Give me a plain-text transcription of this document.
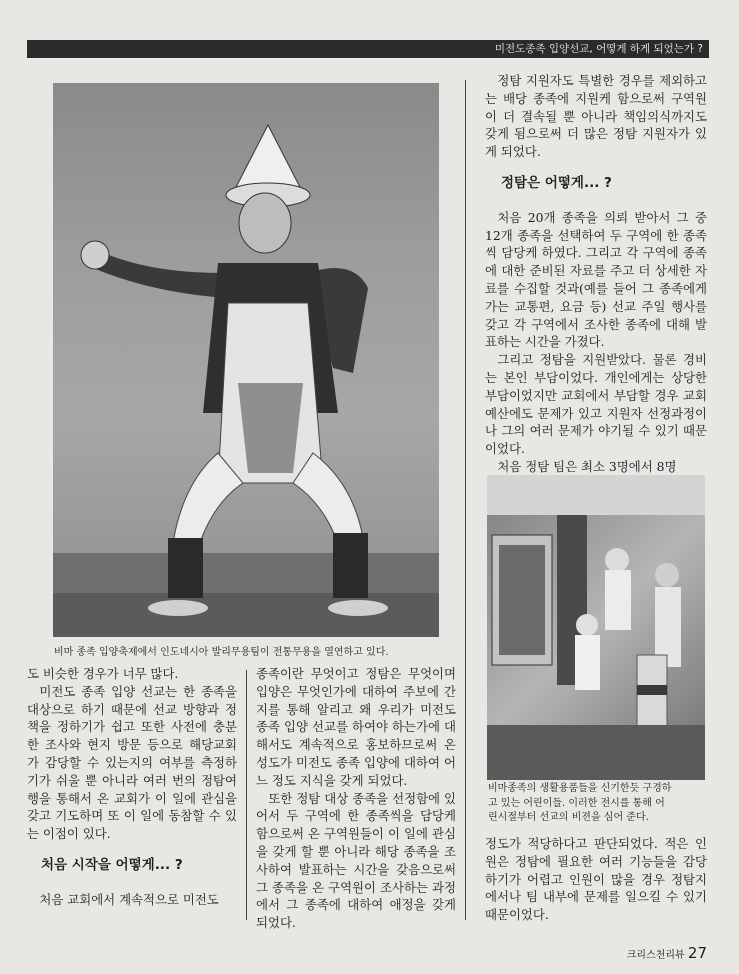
미전도종족 입양선교, 어떻게 하게 되었는가 ?
비마 종족 입양축제에서 인도네시아 발리무용팀이 전통무용을 열연하고 있다.

도 비슷한 경우가 너무 많다.

미전도 종족 입양 선교는 한 종족을 대상으로 하기 때문에 선교 방향과 정책을 정하기가 쉽고 또한 사전에 충분한 조사와 현지 방문 등으로 해당교회가 감당할 수 있는지의 여부를 측정하기가 쉬울 뿐 아니라 여러 번의 정탐여행을 통해서 온 교회가 이 일에 관심을 갖고 기도하며 또 이 일에 동참할 수 있는 이점이 있다.

처음 시작을 어떻게... ?

처음 교회에서 계속적으로 미전도

종족이란 무엇이고 정탐은 무엇이며 입양은 무엇인가에 대하여 주보에 간지를 통해 알리고 왜 우리가 미전도 종족 입양 선교를 하여야 하는가에 대해서도 계속적으로 홍보하므로써 온 성도가 미전도 종족 입양에 대하여 어느 정도 지식을 갖게 되었다.

또한 정탐 대상 종족을 선정함에 있어서 두 구역에 한 종족씩을 담당케 함으로써 온 구역원들이 이 일에 관심을 갖게 할 뿐 아니라 해당 종족을 조사하여 발표하는 시간을 갖음으로써 그 종족을 온 구역원이 조사하는 과정에서 그 종족에 대하여 애정을 갖게 되었다.

정탐 지원자도 특별한 경우를 제외하고는 배당 종족에 지원케 함으로써 구역원이 더 결속될 뿐 아니라 책임의식까지도 갖게 됨으로써 더 많은 정탐 지원자가 있게 되었다.

정탐은 어떻게... ?

처음 20개 종족을 의뢰 받아서 그 중 12개 종족을 선택하여 두 구역에 한 종족씩 담당케 하였다. 그리고 각 구역에 종족에 대한 준비된 자료를 주고 더 상세한 자료를 수집할 것과(예를 들어 그 종족에게 가는 교통편, 요금 등) 선교 주일 행사를 갖고 각 구역에서 조사한 종족에 대해 발표하는 시간을 가졌다.

그리고 정탐을 지원받았다. 물론 경비는 본인 부담이었다. 개인에게는 상당한 부담이었지만 교회에서 부담할 경우 교회 예산에도 문제가 있고 지원자 선정과정이나 그의 여러 문제가 야기될 수 있기 때문이었다.

처음 정탐 팀은 최소 3명에서 8명

비마종족의 생활용품들을 신기한듯 구경하
고 있는 어린이들. 이러한 전시를 통해 어
린시절부터 선교의 비젼을 심어 준다.

정도가 적당하다고 판단되었다. 적은 인원은 정탐에 필요한 여러 기능들을 감당하기가 어렵고 인원이 많을 경우 정탐지에서나 팀 내부에 문제를 일으킬 수 있기 때문이었다.

크리스천리뷰 27
